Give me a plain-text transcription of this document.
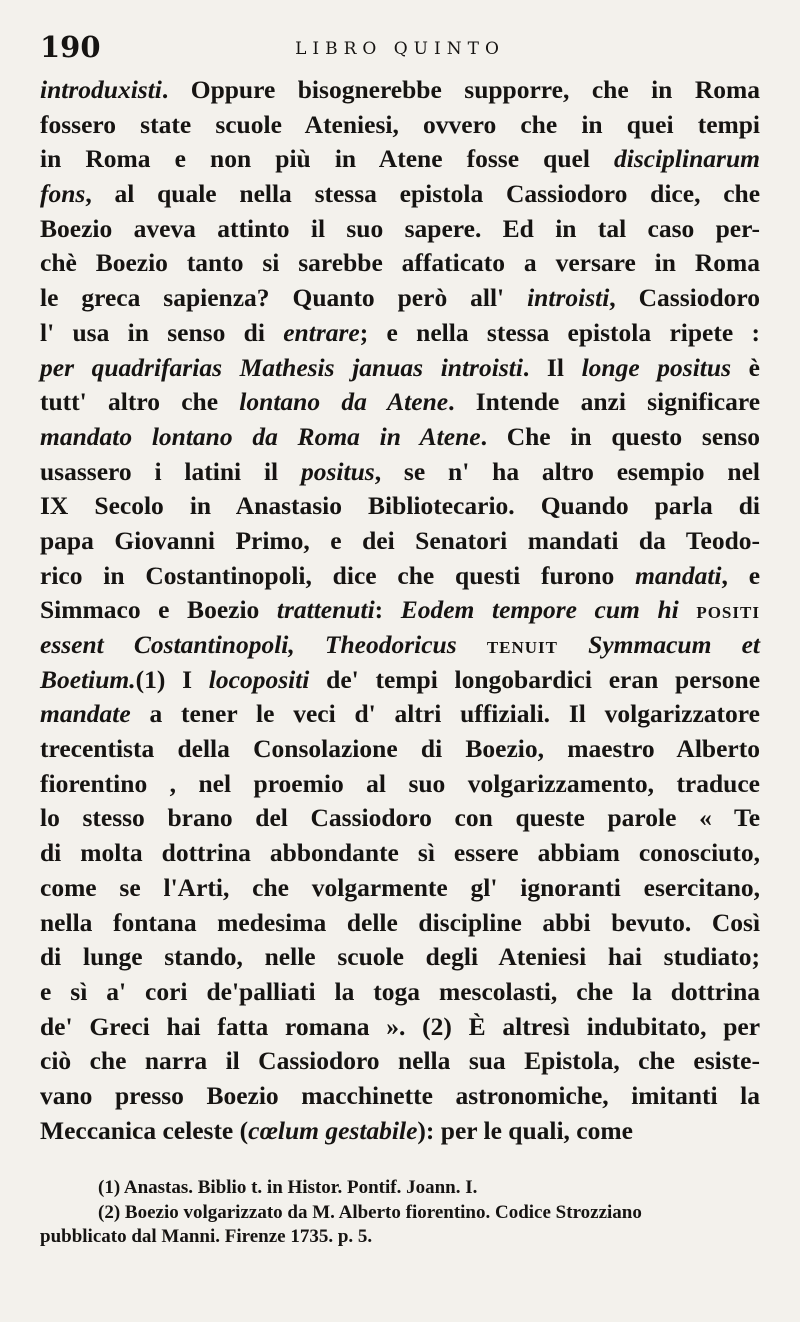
190	LIBRO QUINTO
introduxisti. Oppure bisognerebbe supporre, che in Roma
fossero state scuole Ateniesi, ovvero che in quei tempi
in Roma e non più in Atene fosse quel disciplinarum
fons, al quale nella stessa epistola Cassiodoro dice, che
Boezio aveva attinto il suo sapere. Ed in tal caso per-
chè Boezio tanto si sarebbe affaticato a versare in Roma
le greca sapienza? Quanto però all' introisti, Cassiodoro
l' usa in senso di entrare; e nella stessa epistola ripete :
per quadrifarias Mathesis januas introisti. Il longe positus è
tutt' altro che lontano da Atene. Intende anzi significare
mandato lontano da Roma in Atene. Che in questo senso
usassero i latini il positus, se n' ha altro esempio nel
IX Secolo in Anastasio Bibliotecario. Quando parla di
papa Giovanni Primo, e dei Senatori mandati da Teodo-
rico in Costantinopoli, dice che questi furono mandati, e
Simmaco e Boezio trattenuti: Eodem tempore cum hi POSITI
essent Costantinopoli, Theodoricus TENUIT Symmacum et
Boetium.(1) I locopositi de' tempi longobardici eran persone
mandate a tener le veci d' altri uffiziali. Il volgarizzatore
trecentista della Consolazione di Boezio, maestro Alberto
fiorentino , nel proemio al suo volgarizzamento, traduce
lo stesso brano del Cassiodoro con queste parole « Te
di molta dottrina abbondante sì essere abbiam conosciuto,
come se l'Arti, che volgarmente gl' ignoranti esercitano,
nella fontana medesima delle discipline abbi bevuto. Così
di lunge stando, nelle scuole degli Ateniesi hai studiato;
e sì a' cori de'palliati la toga mescolasti, che la dottrina
de' Greci hai fatta romana ». (2) È altresì indubitato, per
ciò che narra il Cassiodoro nella sua Epistola, che esiste-
vano presso Boezio macchinette astronomiche, imitanti la
Meccanica celeste (cœlum gestabile): per le quali, come
(1) Anastas. Biblio t. in Histor. Pontif. Joann. I.
(2) Boezio volgarizzato da M. Alberto fiorentino. Codice Strozziano
pubblicato dal Manni. Firenze 1735. p. 5.
